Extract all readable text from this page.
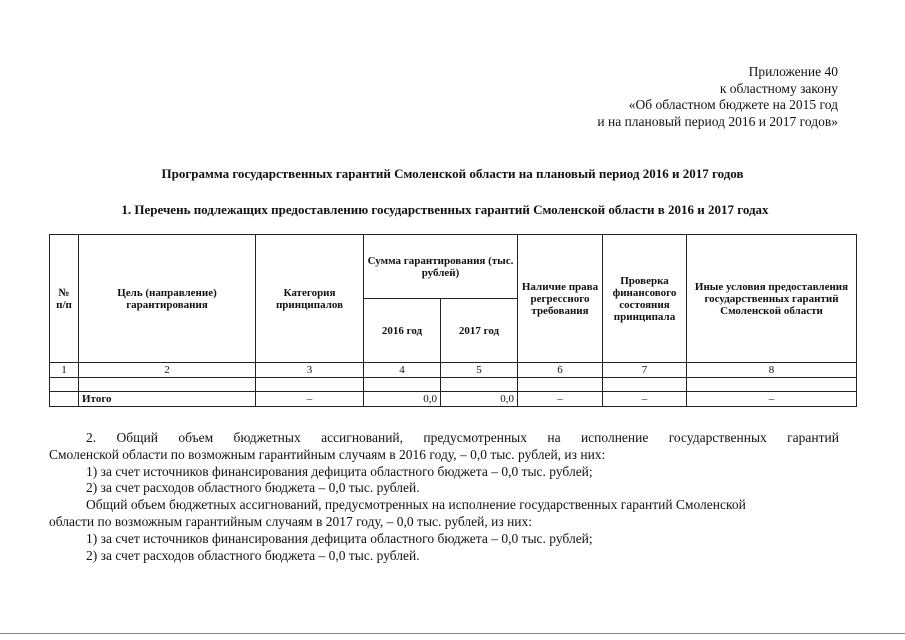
Приложение 40
к областному закону
«Об областном бюджете на 2015 год
и на плановый период 2016 и 2017 годов»
Программа государственных гарантий Смоленской области на плановый период 2016 и 2017 годов
1. Перечень подлежащих предоставлению государственных гарантий Смоленской области в 2016 и 2017 годах
№ п/п	Цель (направление) гарантирования	Категория принципалов	Сумма гарантирования (тыс. рублей)		Наличие права регрессного требования	Проверка финансового состояния принципала	Иные условия предоставления государственных гарантий Смоленской области
			2016 год	2017 год			
1	2	3	4	5	6	7	8

	Итого	–	0,0	0,0	–	–	–

2. Общий объем бюджетных ассигнований, предусмотренных на исполнение государственных гарантий

Смоленской области по возможным гарантийным случаям в 2016 году, – 0,0 тыс. рублей, из них:

1) за счет источников финансирования дефицита областного бюджета – 0,0 тыс. рублей;

2) за счет расходов областного бюджета – 0,0 тыс. рублей.

Общий объем бюджетных ассигнований, предусмотренных на исполнение государственных гарантий Смоленской

области по возможным гарантийным случаям в 2017 году, – 0,0 тыс. рублей, из них:

1) за счет источников финансирования дефицита областного бюджета – 0,0 тыс. рублей;

2) за счет расходов областного бюджета – 0,0 тыс. рублей.
